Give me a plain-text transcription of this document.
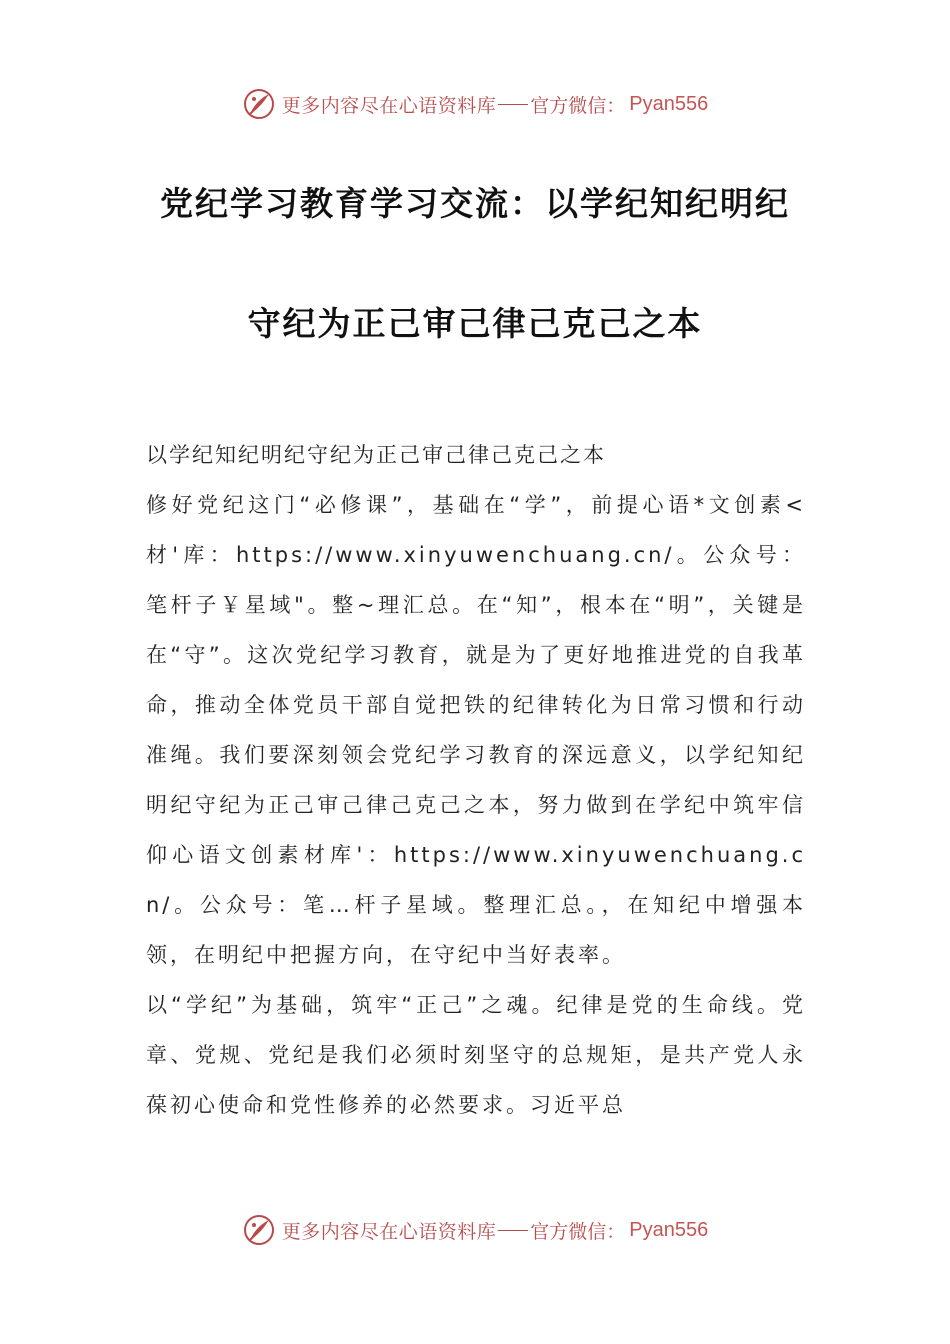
更多内容尽在心语资料库 官方微信： Pyan556
党纪学习教育学习交流：以学纪知纪明纪
守纪为正己审己律己克己之本

以学纪知纪明纪守纪为正己审己律己克己之本

修好党纪这门“必修课”，基础在“学”，前提心语*文创素<材'库：https://www.xinyuwenchuang.cn/。公众号：笔杆子￥星域"。整~理汇总。在“知”，根本在“明”，关键是在“守”。这次党纪学习教育，就是为了更好地推进党的自我革命，推动全体党员干部自觉把铁的纪律转化为日常习惯和行动准绳。我们要深刻领会党纪学习教育的深远意义，以学纪知纪明纪守纪为正己审己律己克己之本，努力做到在学纪中筑牢信仰心语文创素材库'：https://www.xinyuwenchuang.cn/。公众号：笔…杆子星域。整理汇总。，在知纪中增强本领，在明纪中把握方向，在守纪中当好表率。

以“学纪”为基础，筑牢“正己”之魂。纪律是党的生命线。党章、党规、党纪是我们必须时刻坚守的总规矩，是共产党人永葆初心使命和党性修养的必然要求。习近平总

更多内容尽在心语资料库 官方微信： Pyan556
